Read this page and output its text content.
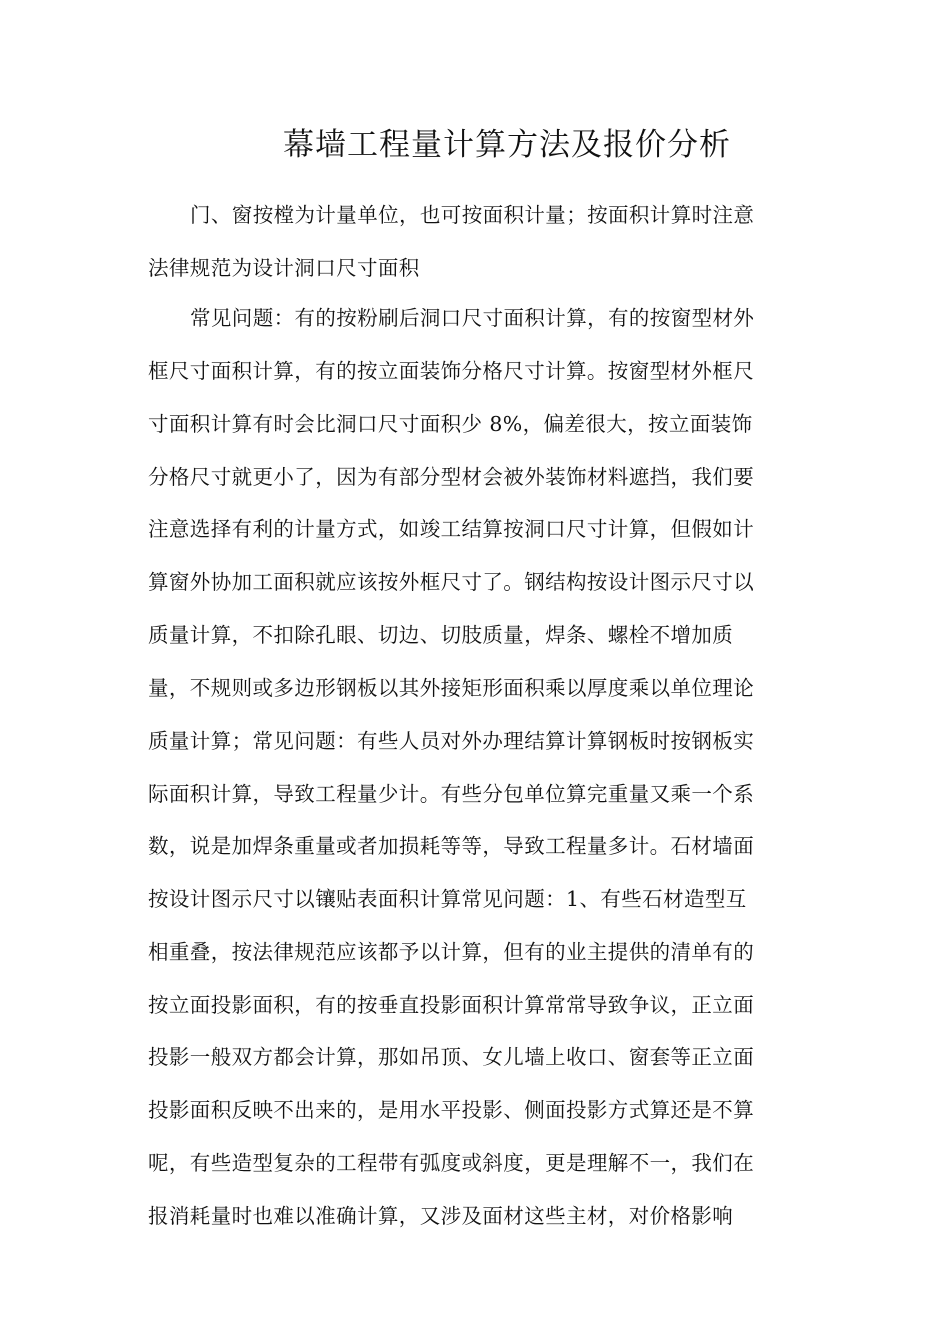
幕墙工程量计算方法及报价分析
门、窗按樘为计量单位，也可按面积计量；按面积计算时注意
法律规范为设计洞口尺寸面积
常见问题：有的按粉刷后洞口尺寸面积计算，有的按窗型材外
框尺寸面积计算，有的按立面装饰分格尺寸计算。按窗型材外框尺
寸面积计算有时会比洞口尺寸面积少 8%，偏差很大，按立面装饰
分格尺寸就更小了，因为有部分型材会被外装饰材料遮挡，我们要
注意选择有利的计量方式，如竣工结算按洞口尺寸计算，但假如计
算窗外协加工面积就应该按外框尺寸了。钢结构按设计图示尺寸以
质量计算，不扣除孔眼、切边、切肢质量，焊条、螺栓不增加质
量，不规则或多边形钢板以其外接矩形面积乘以厚度乘以单位理论
质量计算；常见问题：有些人员对外办理结算计算钢板时按钢板实
际面积计算，导致工程量少计。有些分包单位算完重量又乘一个系
数，说是加焊条重量或者加损耗等等，导致工程量多计。石材墙面
按设计图示尺寸以镶贴表面积计算常见问题：1、有些石材造型互
相重叠，按法律规范应该都予以计算，但有的业主提供的清单有的
按立面投影面积，有的按垂直投影面积计算常常导致争议，正立面
投影一般双方都会计算，那如吊顶、女儿墙上收口、窗套等正立面
投影面积反映不出来的，是用水平投影、侧面投影方式算还是不算
呢，有些造型复杂的工程带有弧度或斜度，更是理解不一，我们在
报消耗量时也难以准确计算，又涉及面材这些主材，对价格影响
